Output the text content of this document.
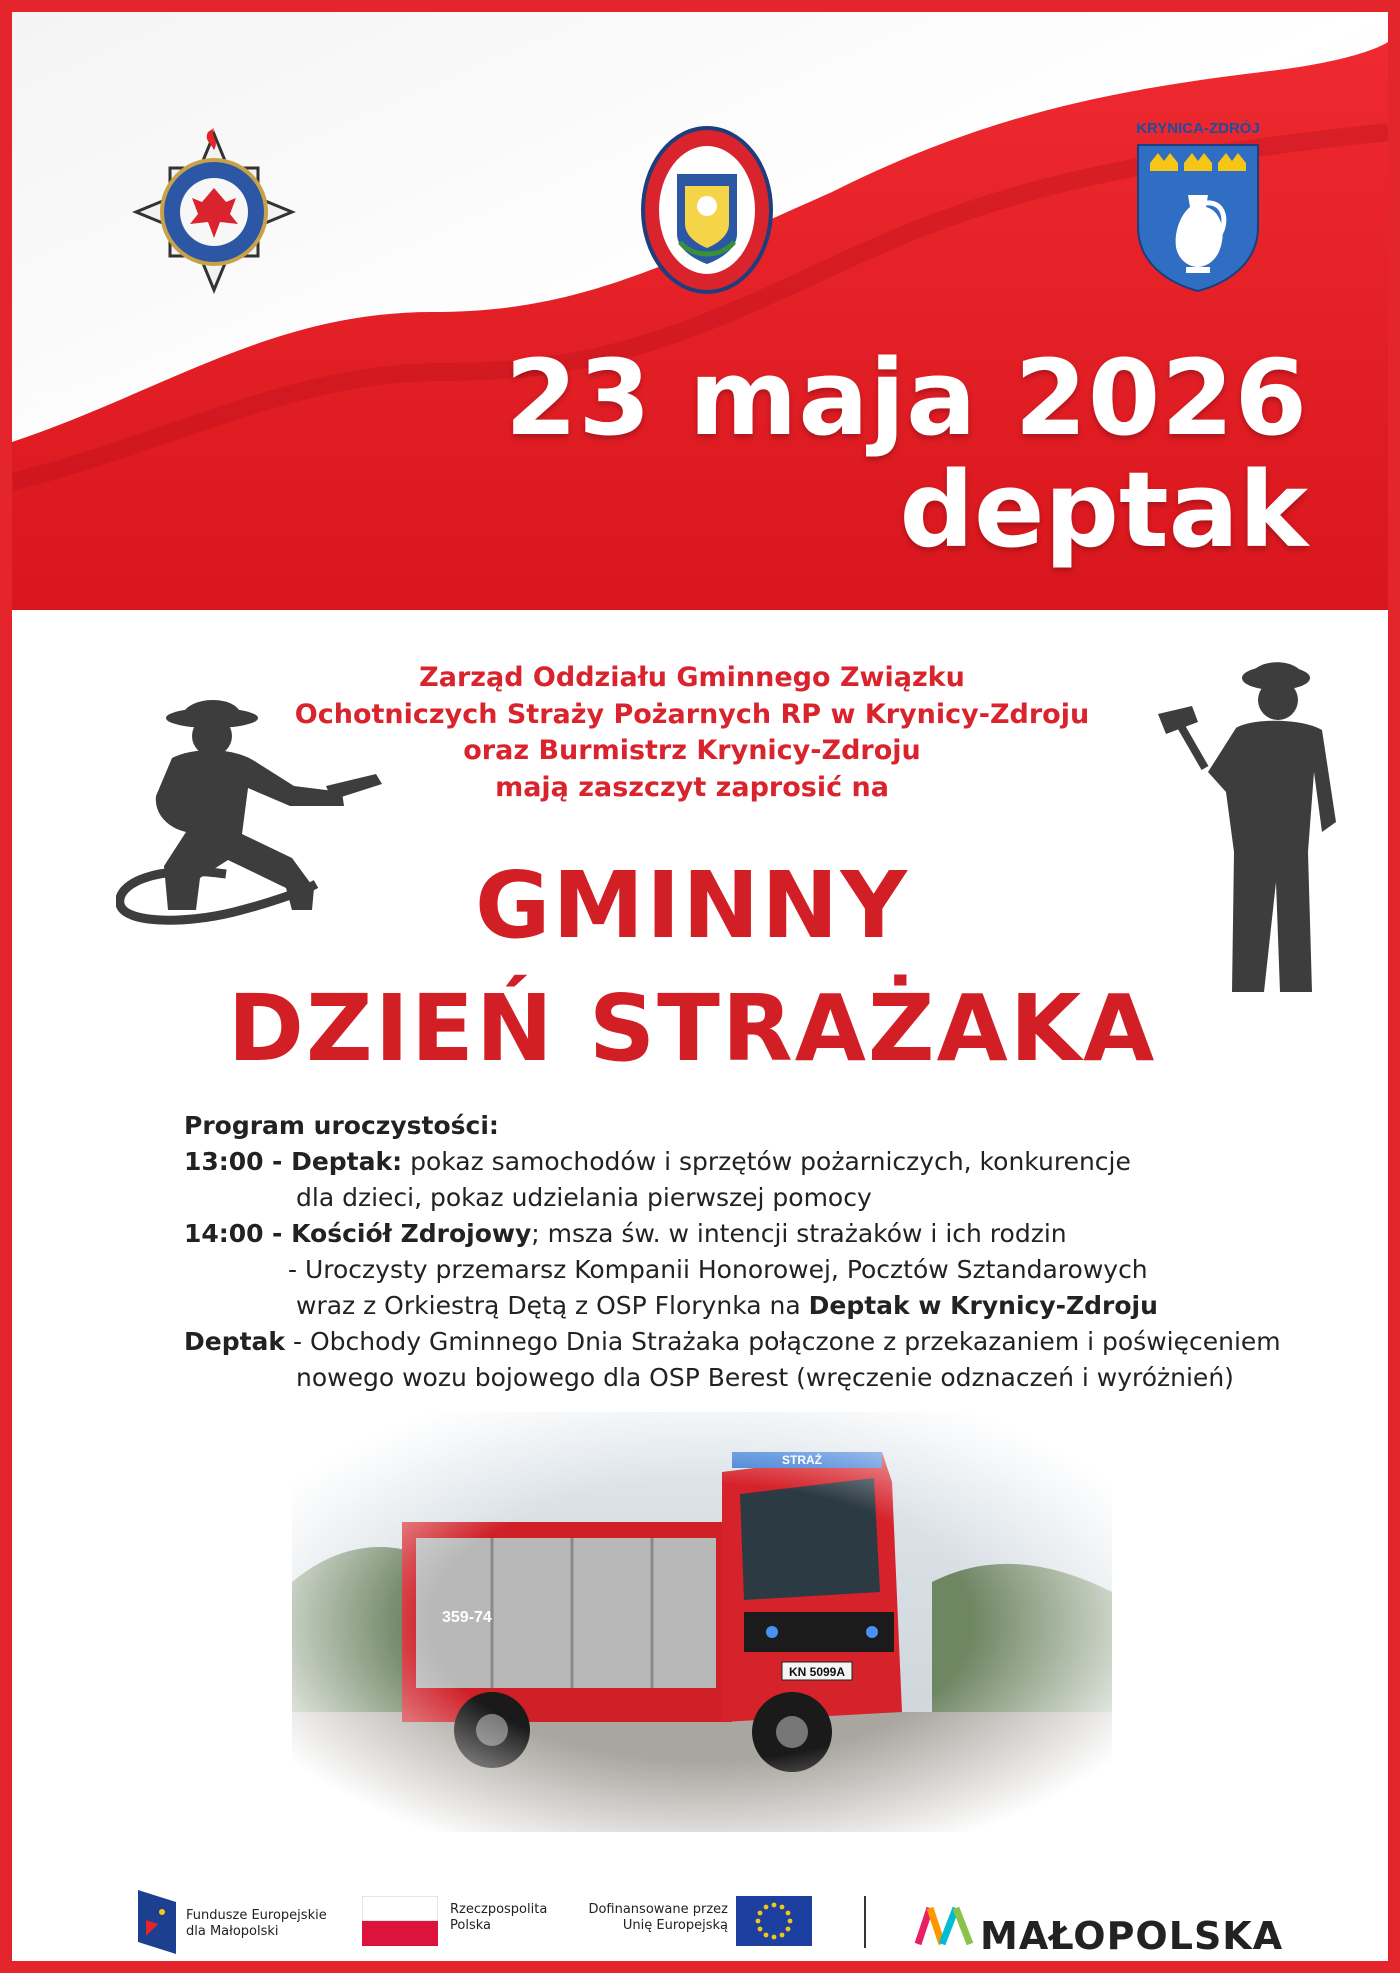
KRYNICA-ZDRÓJ
23 maja 2026
deptak
Zarząd Oddziału Gminnego Związku
Ochotniczych Straży Pożarnych RP w Krynicy-Zdroju
oraz Burmistrz Krynicy-Zdroju
mają zaszczyt zaprosić na
GMINNY
DZIEŃ STRAŻAKA
Program uroczystości:
13:00 - Deptak: pokaz samochodów i sprzętów pożarniczych, konkurencje
dla dzieci, pokaz udzielania pierwszej pomocy
14:00 - Kościół Zdrojowy; msza św. w intencji strażaków i ich rodzin
- Uroczysty przemarsz Kompanii Honorowej, Pocztów Sztandarowych
wraz z Orkiestrą Dętą z OSP Florynka na Deptak w Krynicy-Zdroju
Deptak - Obchody Gminnego Dnia Strażaka połączone z przekazaniem i poświęceniem
nowego wozu bojowego dla OSP Berest (wręczenie odznaczeń i wyróżnień)
Fundusze Europejskie
dla Małopolski
Rzeczpospolita
Polska
Dofinansowane przez
Unię Europejską	MAŁOPOLSKA
